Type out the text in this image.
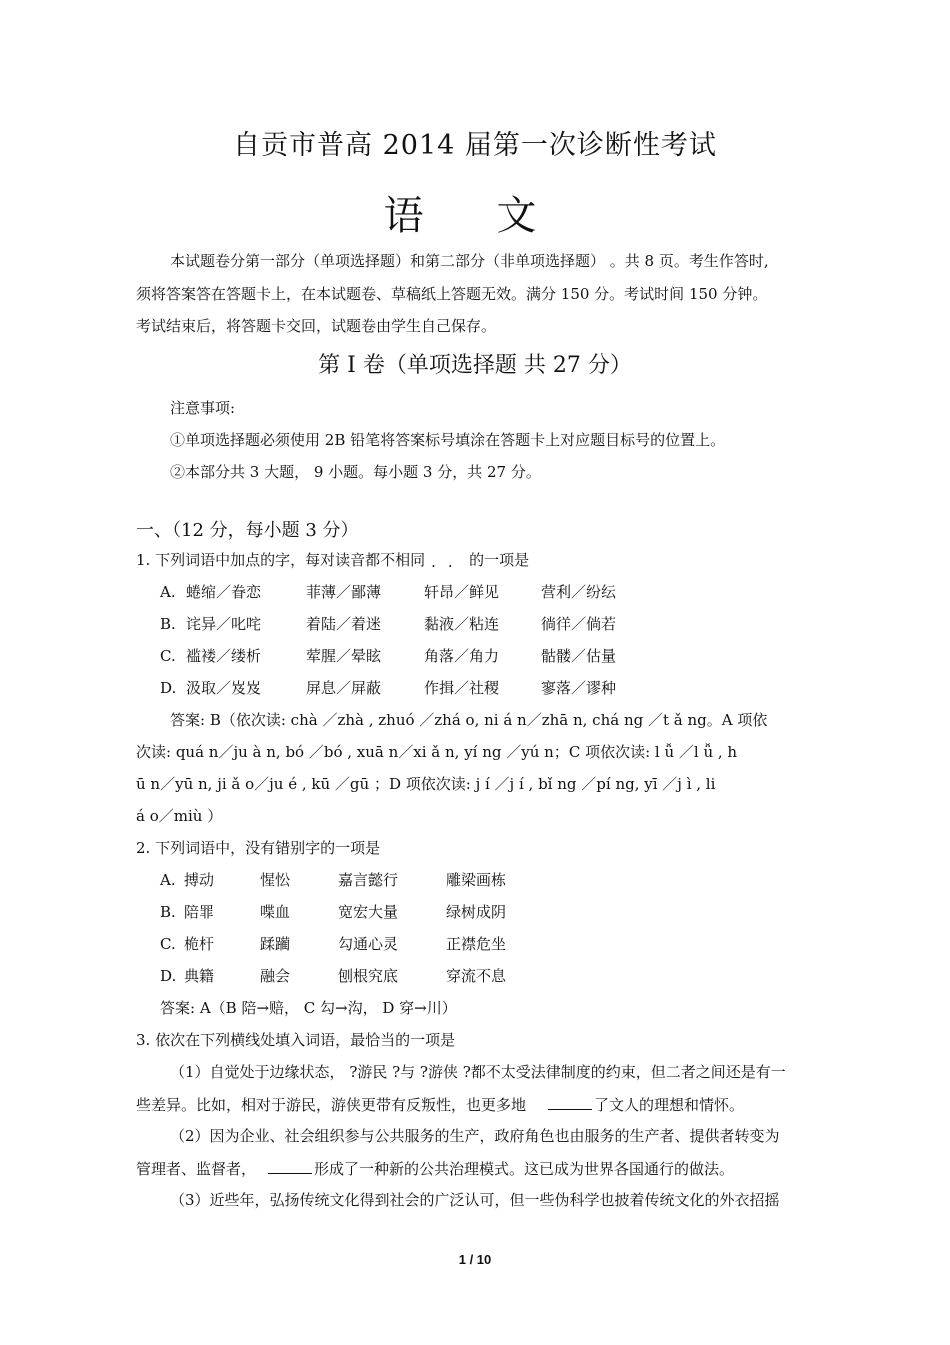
自贡市普高 2014 届第一次诊断性考试
语 文
本试题卷分第一部分（单项选择题）和第二部分（非单项选择题） 。共 8 页。考生作答时,
须将答案答在答题卡上，在本试题卷、草稿纸上答题无效。满分 150 分。考试时间 150 分钟。
考试结束后，将答题卡交回，试题卷由学生自己保存。
第 I 卷（单项选择题 共 27 分）
注意事项:
①单项选择题必须使用 2B 铅笔将答案标号填涂在答题卡上对应题目标号的位置上。
②本部分共 3 大题， 9 小题。每小题 3 分，共 27 分。
一、（12 分，每小题 3 分）
1. 下列词语中加点的字，每对读音都不相同 ·· 的一项是
A. 蜷缩／眷恋	菲薄／鄙薄	轩昂／鲜见	营利／纷纭
B. 诧异／叱咤	着陆／着迷	黏液／粘连	徜徉／倘若
C. 褴褛／缕析	荤腥／晕眩	角落／角力	骷髅／估量
D. 汲取／岌岌	屏息／屏蔽	作揖／社稷	寥落／谬种
答案: B（依次读: chà ／zhà , zhuó ／zhá o, ni á n／zhā n, chá ng ／t ǎ ng。A 项依
次读: quá n／ju à n, bó ／bó , xuā n／xi ǎ n, yí ng ／yú n；C 项依次读: l ǚ ／l ǚ , h
ū n／yū n, ji ǎ o／ju é , kū ／gū ；D 项依次读: j í ／j í , bǐ ng ／pí ng, yī ／j ì , li
á o／miù ）
2. 下列词语中，没有错别字的一项是
A. 搏动	惺忪	嘉言懿行	雕梁画栋
B. 陪罪	喋血	宽宏大量	绿树成阴
C. 桅杆	蹂躏	勾通心灵	正襟危坐
D. 典籍	融会	刨根究底	穿流不息
答案: A（B 陪→赔， C 勾→沟， D 穿→川）
3. 依次在下列横线处填入词语，最恰当的一项是
（1）自觉处于边缘状态， ?游民 ?与 ?游侠 ?都不太受法律制度的约束，但二者之间还是有一
些差异。比如，相对于游民，游侠更带有反叛性，也更多地	了文人的理想和情怀。
（2）因为企业、社会组织参与公共服务的生产，政府角色也由服务的生产者、提供者转变为
管理者、监督者，	形成了一种新的公共治理模式。这已成为世界各国通行的做法。
（3）近些年，弘扬传统文化得到社会的广泛认可，但一些伪科学也披着传统文化的外衣招摇
1 / 10
